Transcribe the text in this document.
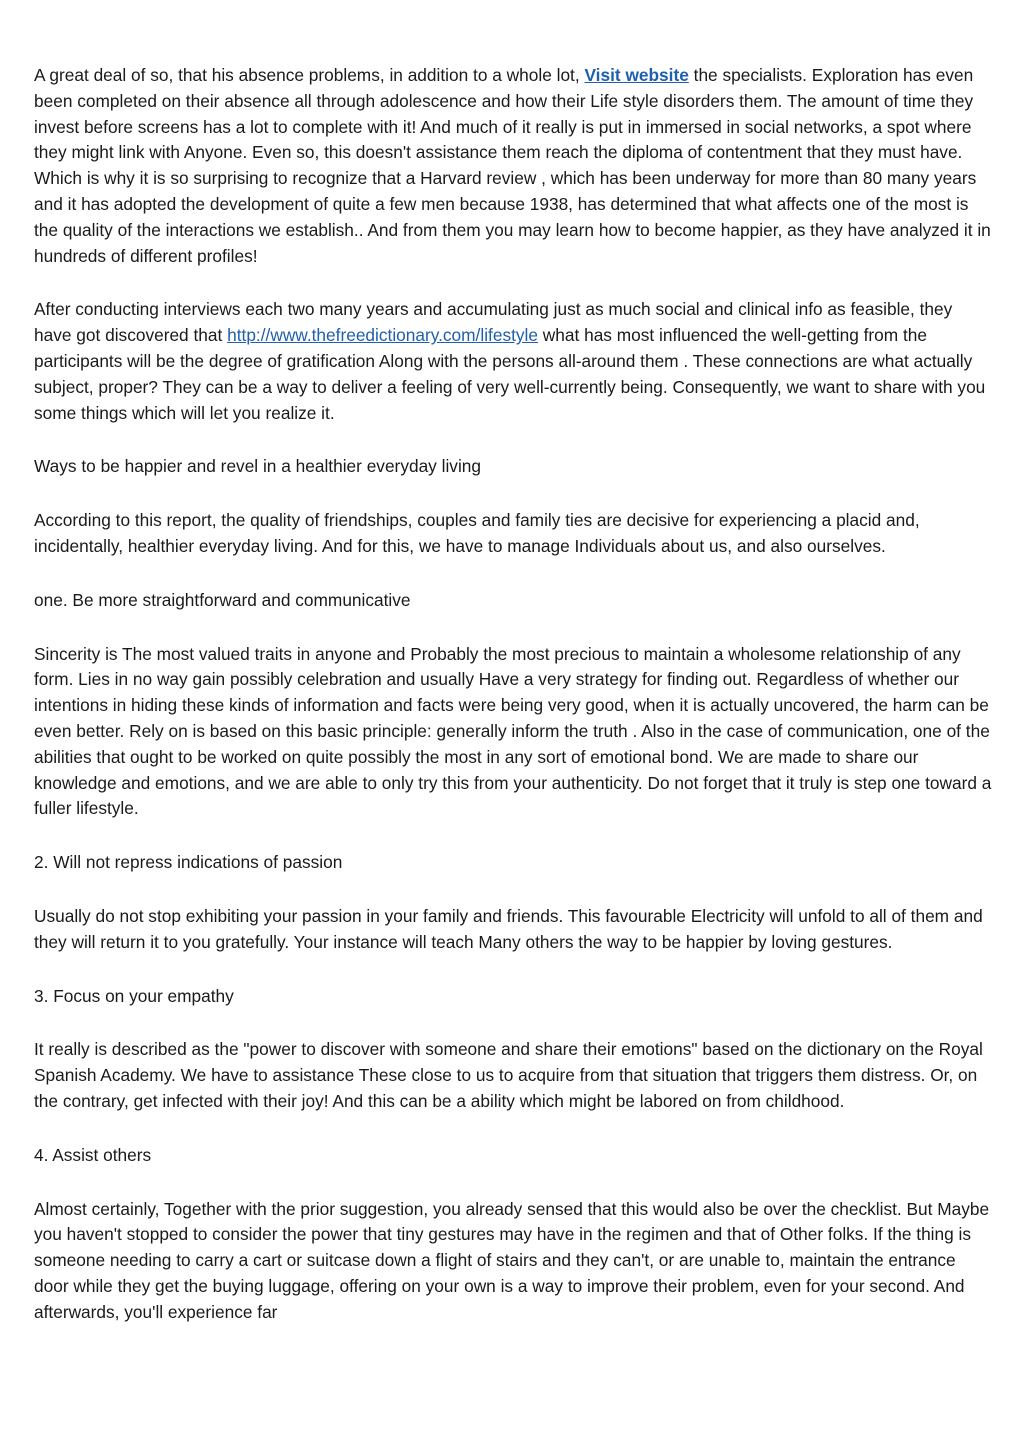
A great deal of so, that his absence problems, in addition to a whole lot, Visit website the specialists. Exploration has even been completed on their absence all through adolescence and how their Life style disorders them. The amount of time they invest before screens has a lot to complete with it! And much of it really is put in immersed in social networks, a spot where they might link with Anyone. Even so, this doesn't assistance them reach the diploma of contentment that they must have. Which is why it is so surprising to recognize that a Harvard review , which has been underway for more than 80 many years and it has adopted the development of quite a few men because 1938, has determined that what affects one of the most is the quality of the interactions we establish.. And from them you may learn how to become happier, as they have analyzed it in hundreds of different profiles!

After conducting interviews each two many years and accumulating just as much social and clinical info as feasible, they have got discovered that http://www.thefreedictionary.com/lifestyle what has most influenced the well-getting from the participants will be the degree of gratification Along with the persons all-around them . These connections are what actually subject, proper? They can be a way to deliver a feeling of very well-currently being. Consequently, we want to share with you some things which will let you realize it.

Ways to be happier and revel in a healthier everyday living

According to this report, the quality of friendships, couples and family ties are decisive for experiencing a placid and, incidentally, healthier everyday living. And for this, we have to manage Individuals about us, and also ourselves.

one. Be more straightforward and communicative

Sincerity is The most valued traits in anyone and Probably the most precious to maintain a wholesome relationship of any form. Lies in no way gain possibly celebration and usually Have a very strategy for finding out. Regardless of whether our intentions in hiding these kinds of information and facts were being very good, when it is actually uncovered, the harm can be even better. Rely on is based on this basic principle: generally inform the truth . Also in the case of communication, one of the abilities that ought to be worked on quite possibly the most in any sort of emotional bond. We are made to share our knowledge and emotions, and we are able to only try this from your authenticity. Do not forget that it truly is step one toward a fuller lifestyle.

2. Will not repress indications of passion

Usually do not stop exhibiting your passion in your family and friends. This favourable Electricity will unfold to all of them and they will return it to you gratefully. Your instance will teach Many others the way to be happier by loving gestures.

3. Focus on your empathy

It really is described as the "power to discover with someone and share their emotions" based on the dictionary on the Royal Spanish Academy. We have to assistance These close to us to acquire from that situation that triggers them distress. Or, on the contrary, get infected with their joy! And this can be a ability which might be labored on from childhood.

4. Assist others

Almost certainly, Together with the prior suggestion, you already sensed that this would also be over the checklist. But Maybe you haven't stopped to consider the power that tiny gestures may have in the regimen and that of Other folks. If the thing is someone needing to carry a cart or suitcase down a flight of stairs and they can't, or are unable to, maintain the entrance door while they get the buying luggage, offering on your own is a way to improve their problem, even for your second. And afterwards, you'll experience far
